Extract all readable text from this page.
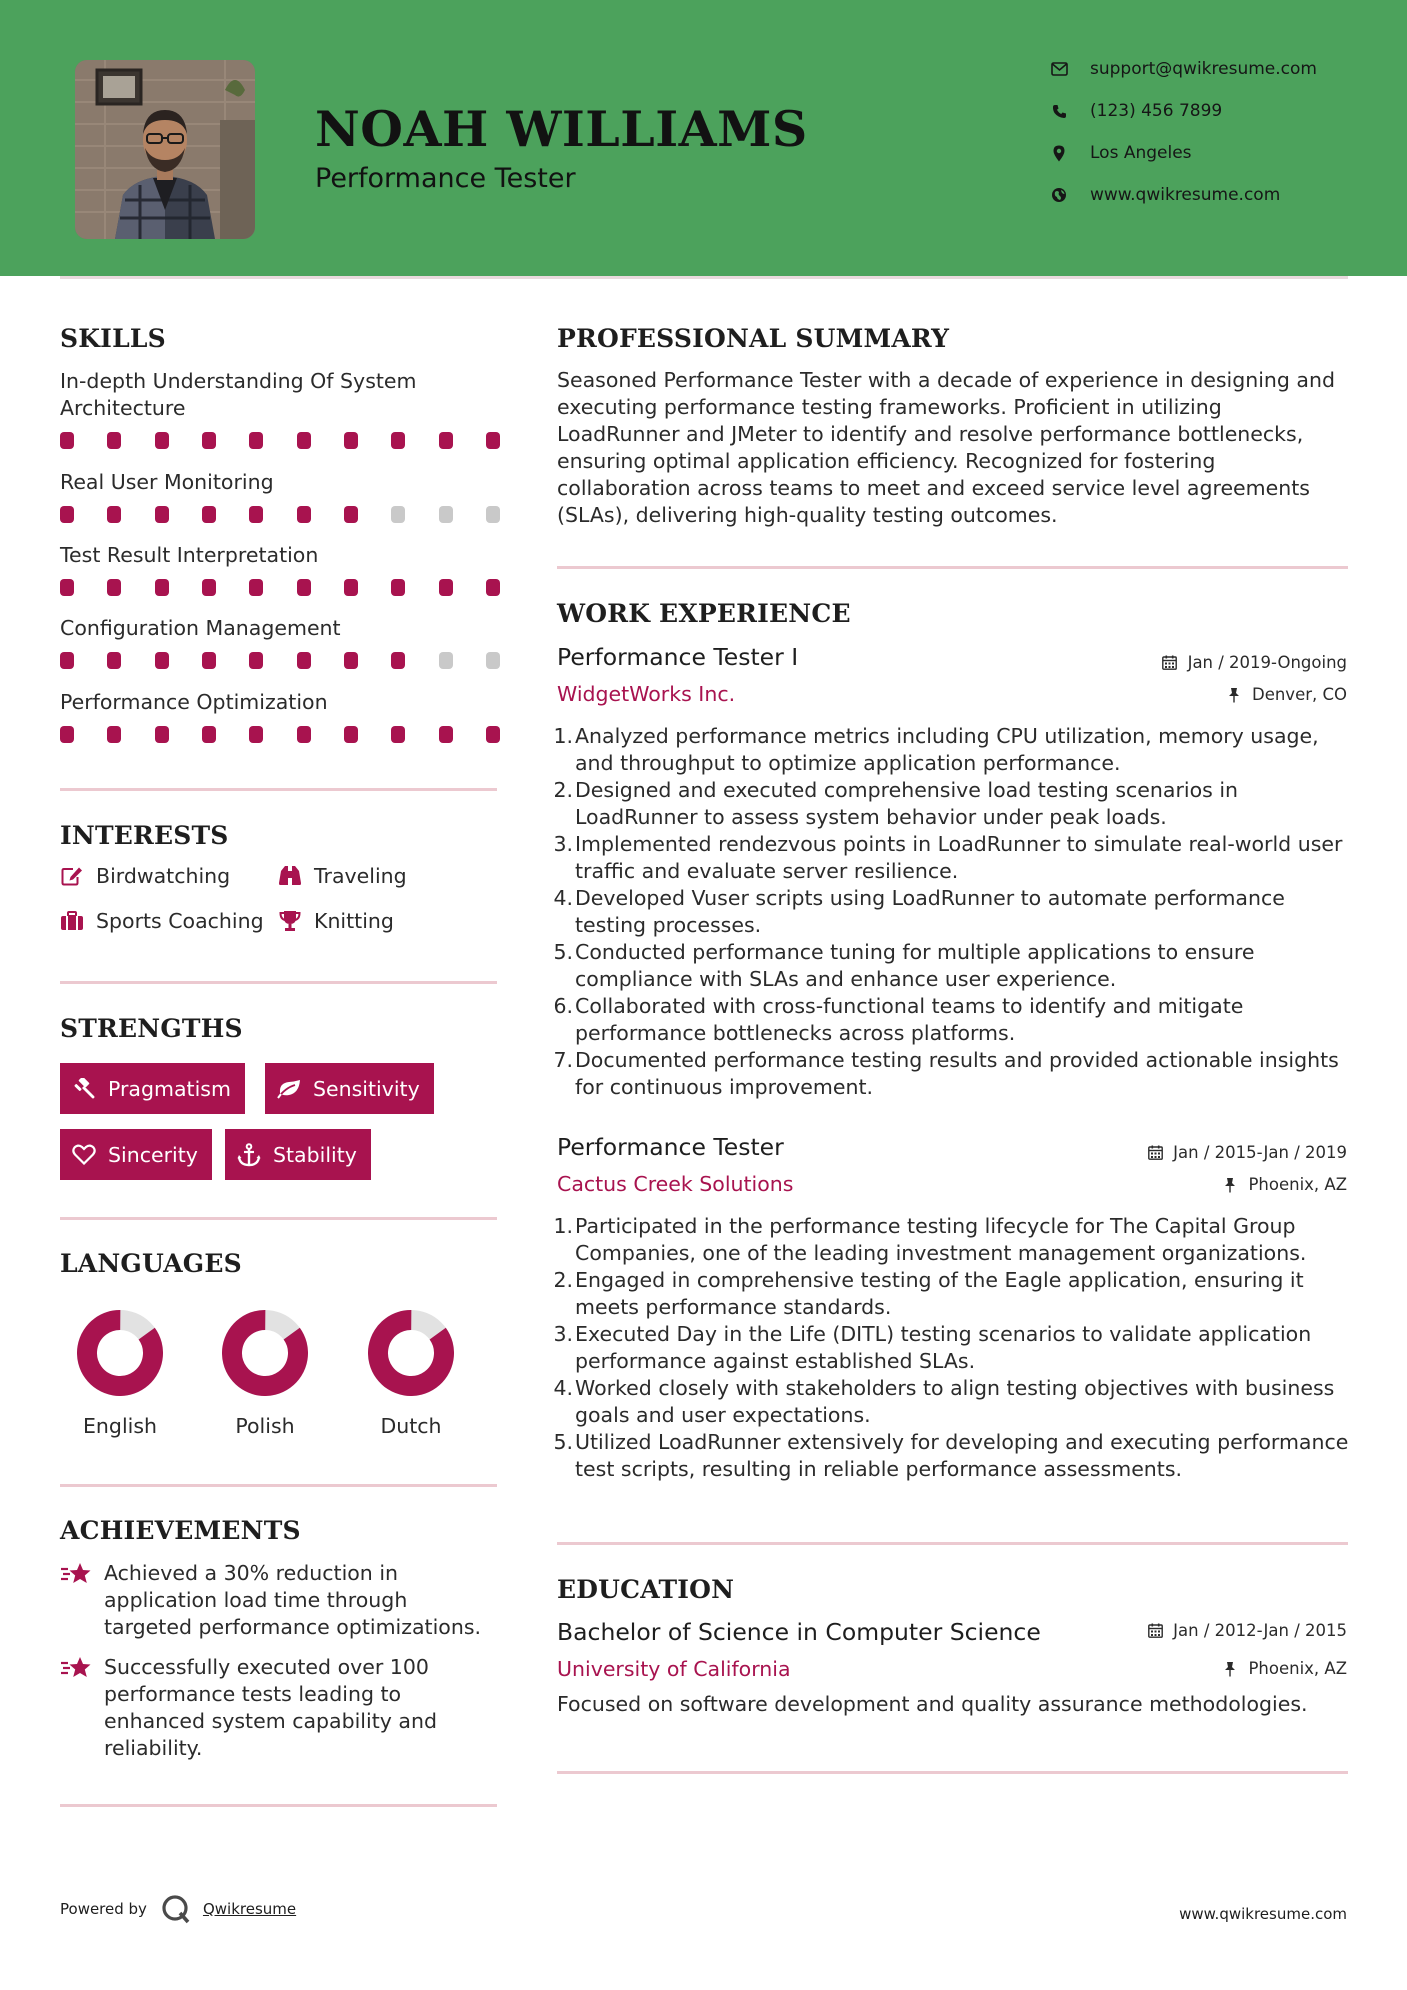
NOAH WILLIAMS
Performance Tester
support@qwikresume.com
(123) 456 7899
Los Angeles
www.qwikresume.com
SKILLS
In-depth Understanding Of System Architecture
Real User Monitoring
Test Result Interpretation
Configuration Management
Performance Optimization
INTERESTS
Birdwatching	Traveling
Sports Coaching Knitting
STRENGTHS
Pragmatism	Sensitivity
Sincerity	Stability
LANGUAGES
English	Polish	Dutch
ACHIEVEMENTS
Achieved a 30% reduction in application load time through targeted performance optimizations.
Successfully executed over 100 performance tests leading to enhanced system capability and reliability.
PROFESSIONAL SUMMARY
Seasoned Performance Tester with a decade of experience in designing and executing performance testing frameworks. Proficient in utilizing LoadRunner and JMeter to identify and resolve performance bottlenecks, ensuring optimal application efficiency. Recognized for fostering collaboration across teams to meet and exceed service level agreements (SLAs), delivering high-quality testing outcomes.
WORK EXPERIENCE
Performance Tester I	Jan / 2019-Ongoing
WidgetWorks Inc.	Denver, CO
1. Analyzed performance metrics including CPU utilization, memory usage, and throughput to optimize application performance.
2. Designed and executed comprehensive load testing scenarios in LoadRunner to assess system behavior under peak loads.
3. Implemented rendezvous points in LoadRunner to simulate real-world user traffic and evaluate server resilience.
4. Developed Vuser scripts using LoadRunner to automate performance testing processes.
5. Conducted performance tuning for multiple applications to ensure compliance with SLAs and enhance user experience.
6. Collaborated with cross-functional teams to identify and mitigate performance bottlenecks across platforms.
7. Documented performance testing results and provided actionable insights for continuous improvement.
Performance Tester	Jan / 2015-Jan / 2019
Cactus Creek Solutions	Phoenix, AZ
1. Participated in the performance testing lifecycle for The Capital Group Companies, one of the leading investment management organizations.
2. Engaged in comprehensive testing of the Eagle application, ensuring it meets performance standards.
3. Executed Day in the Life (DITL) testing scenarios to validate application performance against established SLAs.
4. Worked closely with stakeholders to align testing objectives with business goals and user expectations.
5. Utilized LoadRunner extensively for developing and executing performance test scripts, resulting in reliable performance assessments.
EDUCATION
Bachelor of Science in Computer Science	Jan / 2012-Jan / 2015
University of California	Phoenix, AZ
Focused on software development and quality assurance methodologies.
Powered by	Qwikresume	www.qwikresume.com
